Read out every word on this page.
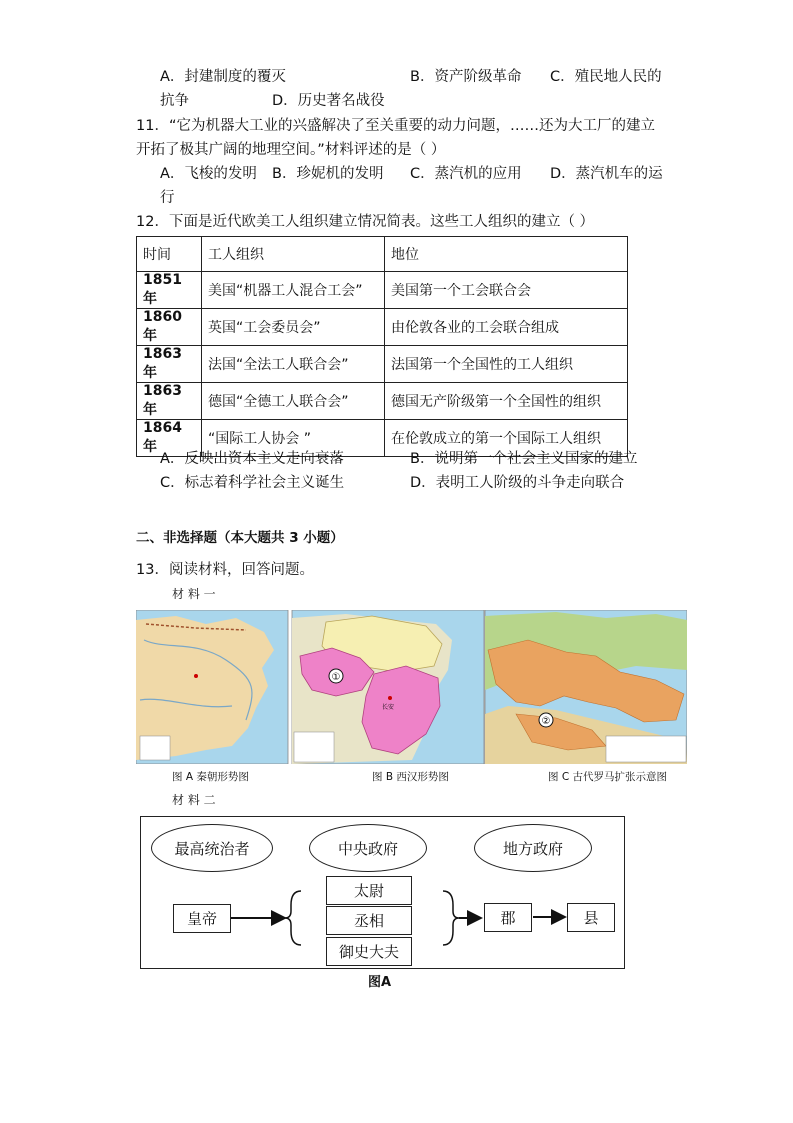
A．封建制度的覆灭	B．资产阶级革命 C．殖民地人民的
抗争	D．历史著名战役
11．“它为机器大工业的兴盛解决了至关重要的动力问题，……还为大工厂的建立
开拓了极其广阔的地理空间。”材料评述的是（ ）
A．飞梭的发明 B．珍妮机的发明 C．蒸汽机的应用 D．蒸汽机车的运
行
12．下面是近代欧美工人组织建立情况简表。这些工人组织的建立（ ）
时间	工人组织	地位
1851 年	美国“机器工人混合工会”	美国第一个工会联合会
1860 年	英国“工会委员会”	由伦敦各业的工会联合组成
1863 年	法国“全法工人联合会”	法国第一个全国性的工人组织
1863 年	德国“全德工人联合会”	德国无产阶级第一个全国性的组织
1864 年	“国际工人协会 ”	在伦敦成立的第一个国际工人组织
A．反映出资本主义走向衰落	B．说明第一个社会主义国家的建立
C．标志着科学社会主义诞生	D．表明工人阶级的斗争走向联合
二、非选择题（本大题共 3 小题）
13．阅读材料，回答问题。
材 料 一
①
长安
②
图 A 秦朝形势图	图 B 西汉形势图	图 C 古代罗马扩张示意图
材 料 二
最高统治者	中央政府	地方政府
皇帝
太尉
丞相
御史大夫
郡	县
图A
